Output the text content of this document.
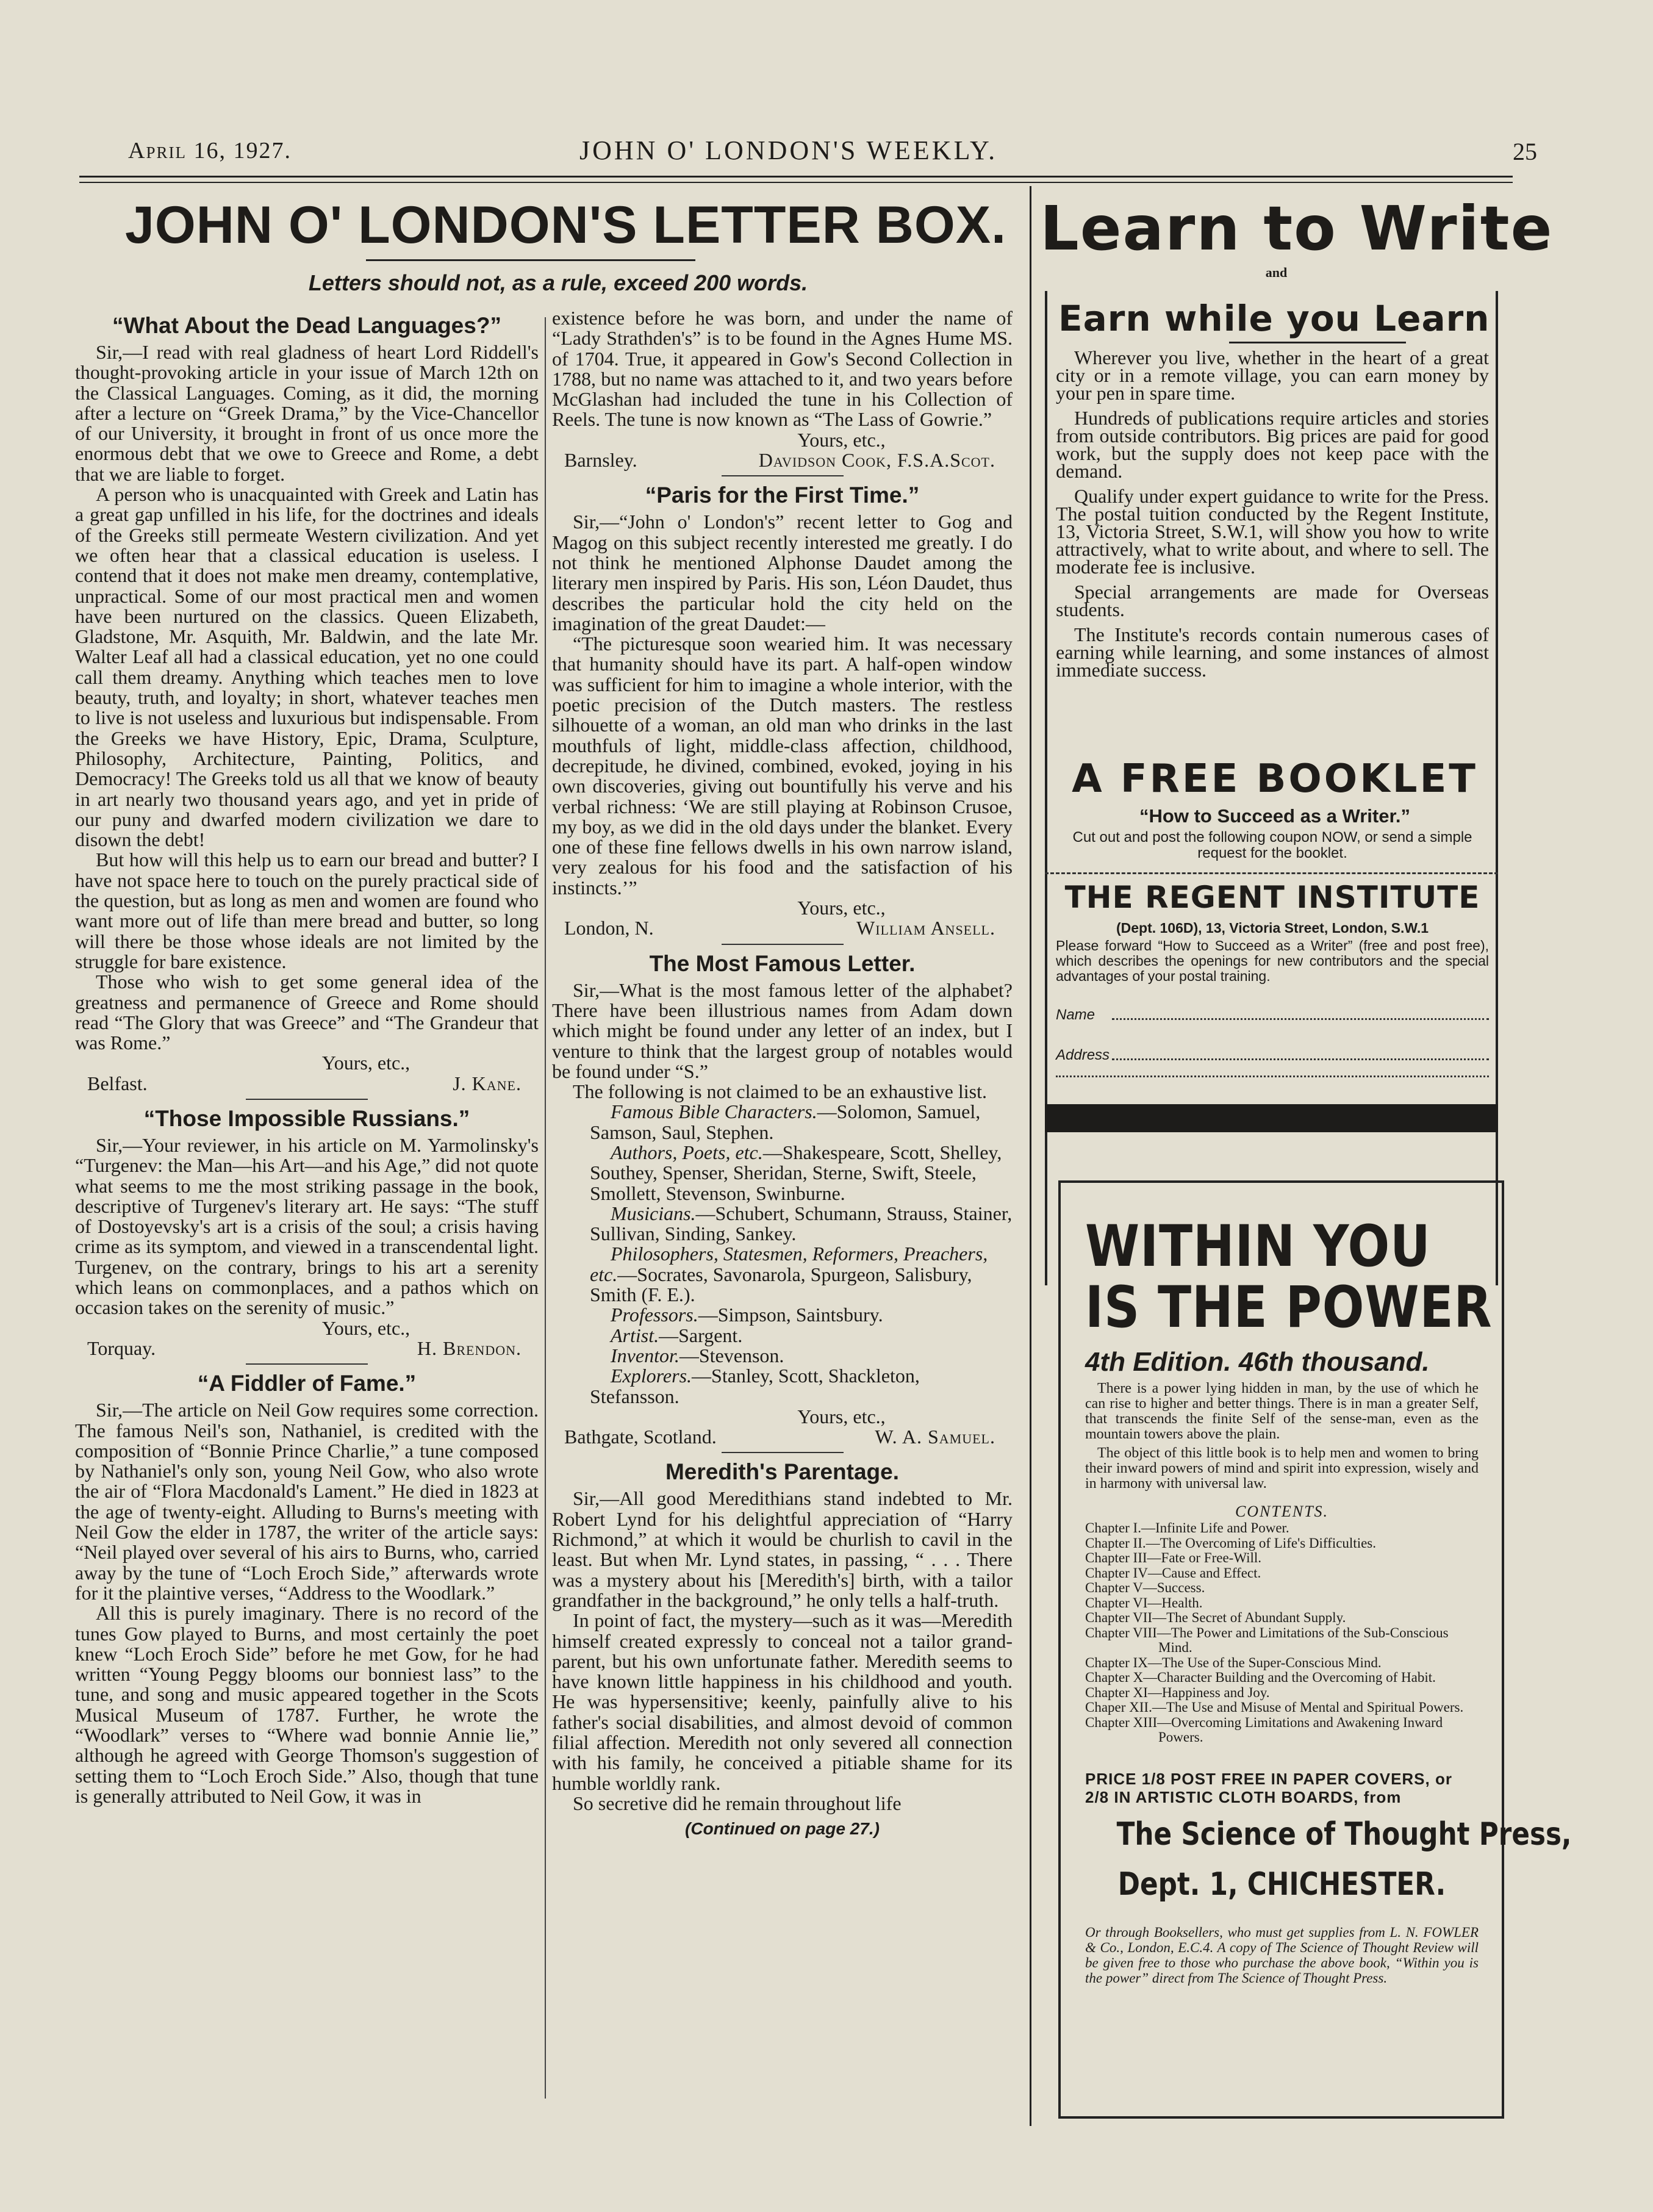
April 16, 1927.	JOHN O' LONDON'S WEEKLY.	25
JOHN O' LONDON'S LETTER BOX.
Letters should not, as a rule, exceed 200 words.
“What About the Dead Languages?”

Sir,—I read with real gladness of heart Lord Riddell's thought-provoking article in your issue of March 12th on the Classical Languages. Coming, as it did, the morning after a lecture on “Greek Drama,” by the Vice-Chancellor of our University, it brought in front of us once more the enormous debt that we owe to Greece and Rome, a debt that we are liable to forget.

A person who is unacquainted with Greek and Latin has a great gap unfilled in his life, for the doctrines and ideals of the Greeks still permeate Western civilization. And yet we often hear that a classical education is useless. I contend that it does not make men dreamy, contemplative, unpractical. Some of our most practical men and women have been nurtured on the classics. Queen Elizabeth, Gladstone, Mr. Asquith, Mr. Baldwin, and the late Mr. Walter Leaf all had a classical education, yet no one could call them dreamy. Anything which teaches men to love beauty, truth, and loyalty; in short, whatever teaches men to live is not useless and luxurious but indispensable. From the Greeks we have History, Epic, Drama, Sculpture, Philosophy, Architecture, Painting, Politics, and Democracy! The Greeks told us all that we know of beauty in art nearly two thousand years ago, and yet in pride of our puny and dwarfed modern civilization we dare to disown the debt!

But how will this help us to earn our bread and butter? I have not space here to touch on the purely practical side of the question, but as long as men and women are found who want more out of life than mere bread and butter, so long will there be those whose ideals are not limited by the struggle for bare existence.

Those who wish to get some general idea of the greatness and permanence of Greece and Rome should read “The Glory that was Greece” and “The Grandeur that was Rome.”

Yours, etc.,

Belfast.	J. Kane.
“Those Impossible Russians.”

Sir,—Your reviewer, in his article on M. Yarmolinsky's “Turgenev: the Man—his Art—and his Age,” did not quote what seems to me the most striking passage in the book, descriptive of Turgenev's literary art. He says: “The stuff of Dostoyevsky's art is a crisis of the soul; a crisis having crime as its symptom, and viewed in a transcendental light. Turgenev, on the contrary, brings to his art a serenity which leans on commonplaces, and a pathos which on occasion takes on the serenity of music.”

Yours, etc.,

Torquay.	H. Brendon.
“A Fiddler of Fame.”

Sir,—The article on Neil Gow requires some correction. The famous Neil's son, Nathaniel, is credited with the composition of “Bonnie Prince Charlie,” a tune composed by Nathaniel's only son, young Neil Gow, who also wrote the air of “Flora Macdonald's Lament.” He died in 1823 at the age of twenty-eight. Alluding to Burns's meeting with Neil Gow the elder in 1787, the writer of the article says: “Neil played over several of his airs to Burns, who, carried away by the tune of “Loch Eroch Side,” afterwards wrote for it the plaintive verses, “Address to the Woodlark.”

All this is purely imaginary. There is no record of the tunes Gow played to Burns, and most certainly the poet knew “Loch Eroch Side” before he met Gow, for he had written “Young Peggy blooms our bonniest lass” to the tune, and song and music appeared together in the Scots Musical Museum of 1787. Further, he wrote the “Woodlark” verses to “Where wad bonnie Annie lie,” although he agreed with George Thomson's suggestion of setting them to “Loch Eroch Side.” Also, though that tune is generally attributed to Neil Gow, it was in

existence before he was born, and under the name of “Lady Strathden's” is to be found in the Agnes Hume MS. of 1704. True, it appeared in Gow's Second Collection in 1788, but no name was attached to it, and two years before McGlashan had included the tune in his Collection of Reels. The tune is now known as “The Lass of Gowrie.”

Yours, etc.,

Barnsley.	Davidson Cook, F.S.A.Scot.
“Paris for the First Time.”

Sir,—“John o' London's” recent letter to Gog and Magog on this subject recently interested me greatly. I do not think he mentioned Alphonse Daudet among the literary men inspired by Paris. His son, Léon Daudet, thus describes the particular hold the city held on the imagination of the great Daudet:—

“The picturesque soon wearied him. It was necessary that humanity should have its part. A half-open window was sufficient for him to imagine a whole interior, with the poetic precision of the Dutch masters. The restless silhouette of a woman, an old man who drinks in the last mouthfuls of light, middle-class affection, childhood, decrepitude, he divined, combined, evoked, joying in his own discoveries, giving out bountifully his verve and his verbal richness: ‘We are still playing at Robinson Crusoe, my boy, as we did in the old days under the blanket. Every one of these fine fellows dwells in his own narrow island, very zealous for his food and the satisfaction of his instincts.’”

Yours, etc.,

London, N.	William Ansell.
The Most Famous Letter.

Sir,—What is the most famous letter of the alphabet? There have been illustrious names from Adam down which might be found under any letter of an index, but I venture to think that the largest group of notables would be found under “S.”

The following is not claimed to be an exhaustive list.

Famous Bible Characters.—Solomon, Samuel, Samson, Saul, Stephen.

Authors, Poets, etc.—Shakespeare, Scott, Shelley, Southey, Spenser, Sheridan, Sterne, Swift, Steele, Smollett, Stevenson, Swinburne.

Musicians.—Schubert, Schumann, Strauss, Stainer, Sullivan, Sinding, Sankey.

Philosophers, Statesmen, Reformers, Preachers, etc.—Socrates, Savonarola, Spurgeon, Salisbury, Smith (F. E.).

Professors.—Simpson, Saintsbury.

Artist.—Sargent.

Inventor.—Stevenson.

Explorers.—Stanley, Scott, Shackleton, Stefansson.

Yours, etc.,

Bathgate, Scotland.	W. A. Samuel.
Meredith's Parentage.

Sir,—All good Meredithians stand indebted to Mr. Robert Lynd for his delightful appreciation of “Harry Richmond,” at which it would be churlish to cavil in the least. But when Mr. Lynd states, in passing, “ . . . There was a mystery about his [Meredith's] birth, with a tailor grandfather in the background,” he only tells a half-truth.

In point of fact, the mystery—such as it was—Meredith himself created expressly to conceal not a tailor grand-parent, but his own unfortunate father. Meredith seems to have known little happiness in his childhood and youth. He was hypersensitive; keenly, painfully alive to his father's social disabilities, and almost devoid of common filial affection. Meredith not only severed all connection with his family, he conceived a pitiable shame for its humble worldly rank.

So secretive did he remain throughout life

(Continued on page 27.)
Learn to Write
and
Earn while you Learn

Wherever you live, whether in the heart of a great city or in a remote village, you can earn money by your pen in spare time.

Hundreds of publications require articles and stories from outside contributors. Big prices are paid for good work, but the supply does not keep pace with the demand.

Qualify under expert guidance to write for the Press. The postal tuition conducted by the Regent Institute, 13, Victoria Street, S.W.1, will show you how to write attractively, what to write about, and where to sell. The moderate fee is inclusive.

Special arrangements are made for Overseas students.

The Institute's records contain numerous cases of earning while learning, and some instances of almost immediate success.

A FREE BOOKLET
“How to Succeed as a Writer.”
Cut out and post the following coupon NOW, or send a simple request for the booklet.
THE REGENT INSTITUTE
(Dept. 106D), 13, Victoria Street, London, S.W.1
Please forward “How to Succeed as a Writer” (free and post free), which describes the openings for new contributors and the special advantages of your postal training.
Name
Address
WITHIN YOU
IS THE POWER
4th Edition. 46th thousand.

There is a power lying hidden in man, by the use of which he can rise to higher and better things. There is in man a greater Self, that transcends the finite Self of the sense-man, even as the mountain towers above the plain.

The object of this little book is to help men and women to bring their inward powers of mind and spirit into expression, wisely and in harmony with universal law.

CONTENTS.

Chapter I.—Infinite Life and Power.

Chapter II.—The Overcoming of Life's Difficulties.

Chapter III—Fate or Free-Will.

Chapter IV—Cause and Effect.

Chapter V—Success.

Chapter VI—Health.

Chapter VII—The Secret of Abundant Supply.

Chapter VIII—The Power and Limitations of the Sub-Conscious Mind.

Chapter IX—The Use of the Super-Conscious Mind.

Chapter X—Character Building and the Overcoming of Habit.

Chapter XI—Happiness and Joy.

Chaper XII.—The Use and Misuse of Mental and Spiritual Powers.

Chapter XIII—Overcoming Limitations and Awakening Inward Powers.

PRICE 1/8 POST FREE IN PAPER COVERS, or 2/8 IN ARTISTIC CLOTH BOARDS, from
The Science of Thought Press,
Dept. 1, CHICHESTER.
Or through Booksellers, who must get supplies from L. N. FOWLER & Co., London, E.C.4. A copy of The Science of Thought Review will be given free to those who purchase the above book, “Within you is the power” direct from The Science of Thought Press.
